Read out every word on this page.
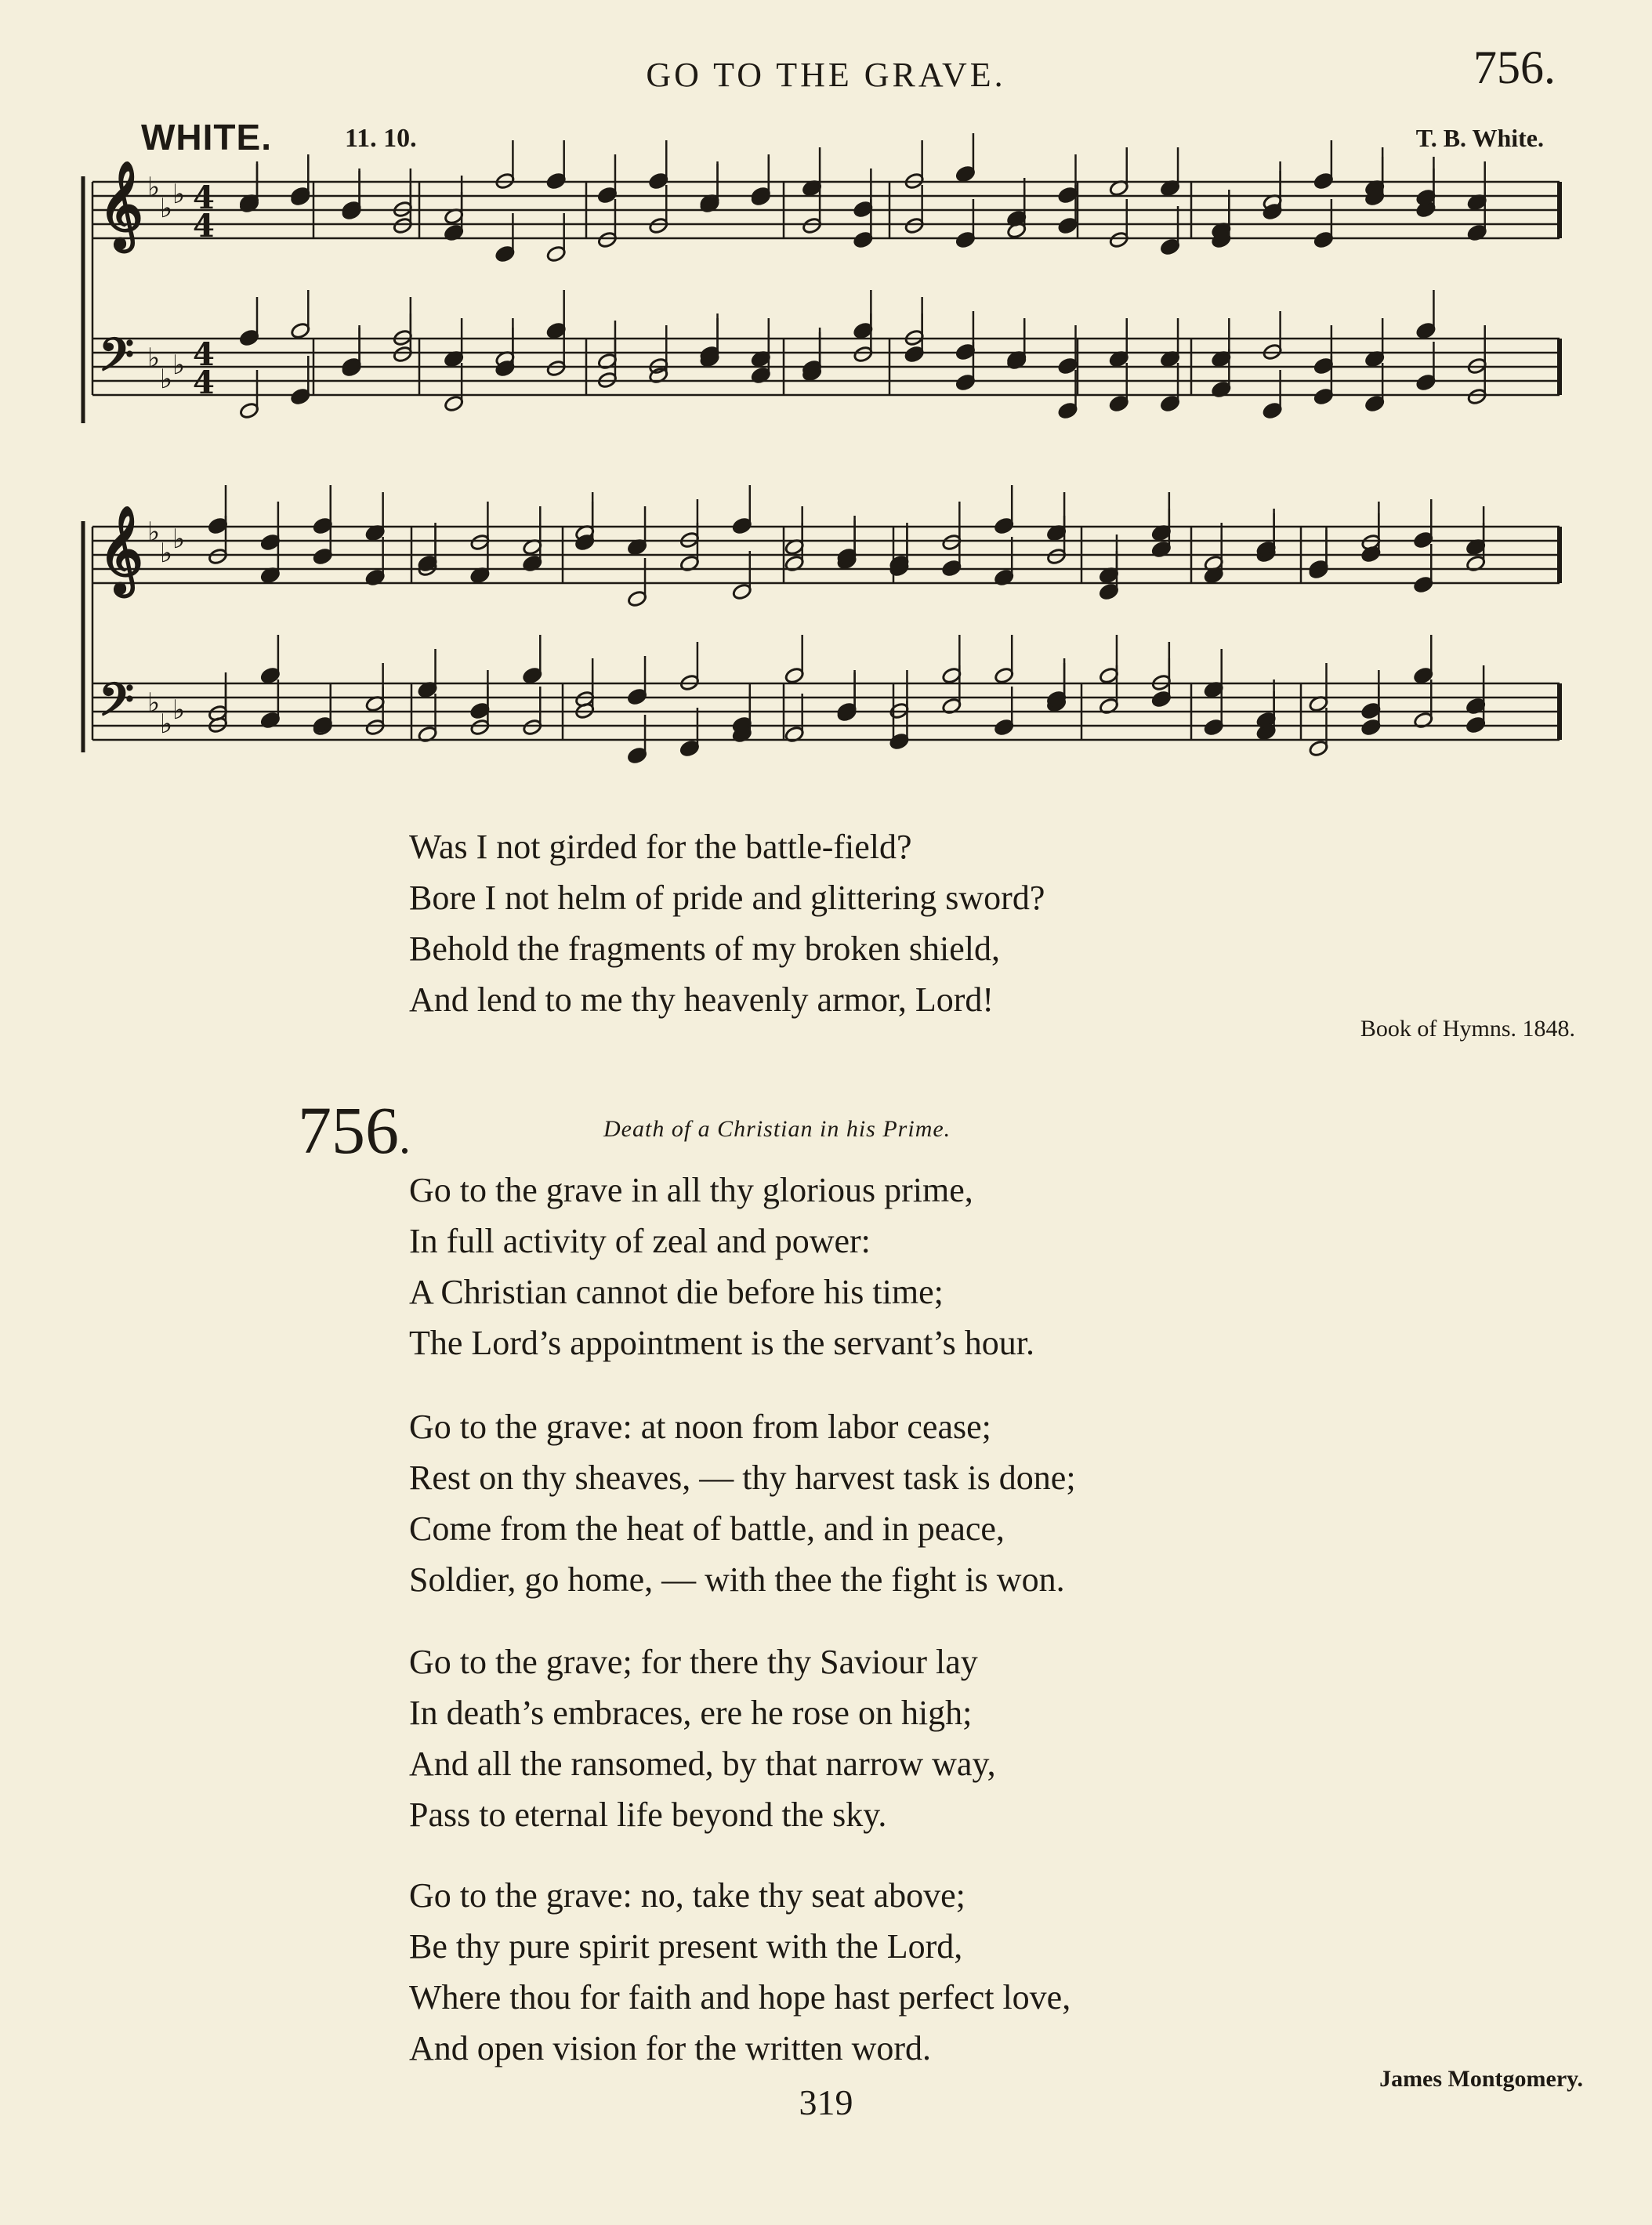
GO TO THE GRAVE.	756.
WHITE.	11. 10.	T. B. White.
𝄞 ♭
♭ ♭ 4
4
𝄢 ♭
♭ ♭ 4
4
𝄞 ♭
♭ ♭
𝄢 ♭
♭ ♭
Was I not girded for the battle-field?
Bore I not helm of pride and glittering sword?
Behold the fragments of my broken shield,
And lend to me thy heavenly armor, Lord!
Book of Hymns. 1848.
756.	Death of a Christian in his Prime.
Go to the grave in all thy glorious prime,
In full activity of zeal and power:
A Christian cannot die before his time;
The Lord’s appointment is the servant’s hour.
Go to the grave: at noon from labor cease;
Rest on thy sheaves, — thy harvest task is done;
Come from the heat of battle, and in peace,
Soldier, go home, — with thee the fight is won.
Go to the grave; for there thy Saviour lay
In death’s embraces, ere he rose on high;
And all the ransomed, by that narrow way,
Pass to eternal life beyond the sky.
Go to the grave: no, take thy seat above;
Be thy pure spirit present with the Lord,
Where thou for faith and hope hast perfect love,
And open vision for the written word.
James Montgomery.
319
